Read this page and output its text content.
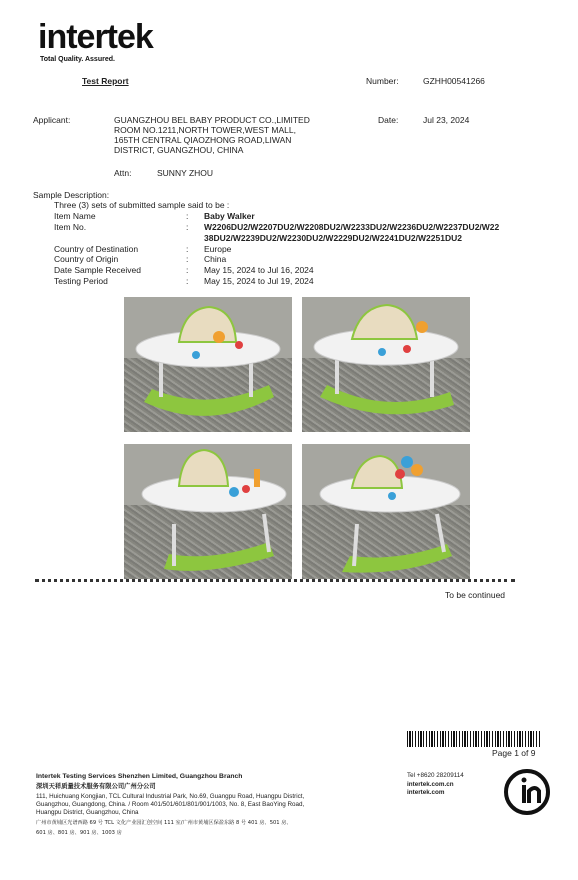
intertek
Total Quality. Assured.
Test Report	Number:	GZHH00541266
Applicant:	GUANGZHOU BEL BABY PRODUCT CO.,LIMITED
ROOM NO.1211,NORTH TOWER,WEST MALL,
165TH CENTRAL QIAOZHONG ROAD,LIWAN
DISTRICT, GUANGZHOU, CHINA
Date:	Jul 23, 2024
Attn:	SUNNY ZHOU
Sample Description:
Three (3) sets of submitted sample said to be :
Item Name	: Baby Walker
Item No.	: W2206DU2/W2207DU2/W2208DU2/W2233DU2/W2236DU2/W2237DU2/W22
38DU2/W2239DU2/W2230DU2/W2229DU2/W2241DU2/W2251DU2
Country of Destination	: Europe
Country of Origin	: China
Date Sample Received	: May 15, 2024 to Jul 16, 2024
Testing Period	: May 15, 2024 to Jul 19, 2024
To be continued
Page 1 of 9
Intertek Testing Services Shenzhen Limited, Guangzhou Branch
深圳天祥质量技术服务有限公司广州分公司
111, Huichuang Kongjian, TCL Cultural Industrial Park, No.69, Guangpu Road, Huangpu District,
Guangzhou, Guangdong, China. / Room 401/501/601/801/901/1003, No. 8, East BaoYing Road,
Huangpu District, Guangzhou, China
广州市黄埔区光谱西路 69 号 TCL 文化产业园汇创空间 111 室/广州市黄埔区保盈东路 8 号 401 房、501 房、
601 房、801 房、901 房、1003 房
Tel +8620 28209114
intertek.com.cn
intertek.com
